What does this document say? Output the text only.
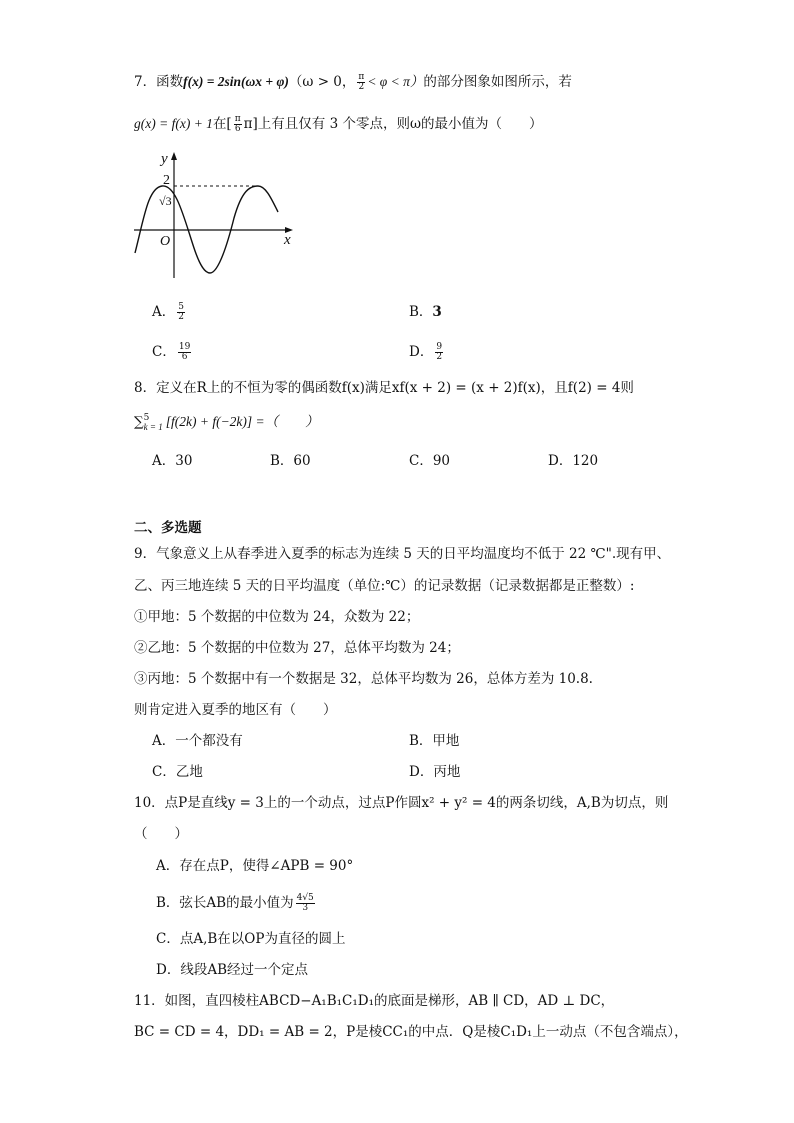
7．函数f(x) = 2sin(ωx + φ)（ω > 0， $\frac{\pi}{2} < \varphi < \pi$）的部分图象如图所示，若
g(x) = f(x) + 1在[ $\frac{\pi}{6} \pi$]上有且仅有 3 个零点，则ω的最小值为（　　）
y
x
O
2
√3
A． $\frac{5}{2}$	B．3
C． $\frac{19}{6}$	D． $\frac{9}{2}$
8．定义在R上的不恒为零的偶函数f(x)满足xf(x + 2) = (x + 2)f(x)，且f(2) = 4则
∑ 5
k = 1 [f(2k) + f(−2k)] =（　　）
A．30	B．60	C．90	D．120
二、多选题
9．气象意义上从春季进入夏季的标志为连续 5 天的日平均温度均不低于 22 ℃".现有甲、
乙、丙三地连续 5 天的日平均温度（单位:℃）的记录数据（记录数据都是正整数）:
①甲地：5 个数据的中位数为 24，众数为 22；
②乙地：5 个数据的中位数为 27，总体平均数为 24；
③丙地：5 个数据中有一个数据是 32，总体平均数为 26，总体方差为 10.8.
则肯定进入夏季的地区有（　　）
A．一个都没有	B．甲地
C．乙地	D．丙地
10．点P是直线y = 3上的一个动点，过点P作圆x² + y² = 4的两条切线，A,B为切点，则
（　　）
A．存在点P，使得∠APB = 90°
B．弦长AB的最小值为 $\frac{4√5}{3}$
C．点A,B在以OP为直径的圆上
D．线段AB经过一个定点
11．如图，直四棱柱ABCD−A₁B₁C₁D₁的底面是梯形，AB ∥ CD，AD ⊥ DC，
BC = CD = 4，DD₁ = AB = 2，P是棱CC₁的中点．Q是棱C₁D₁上一动点（不包含端点），
